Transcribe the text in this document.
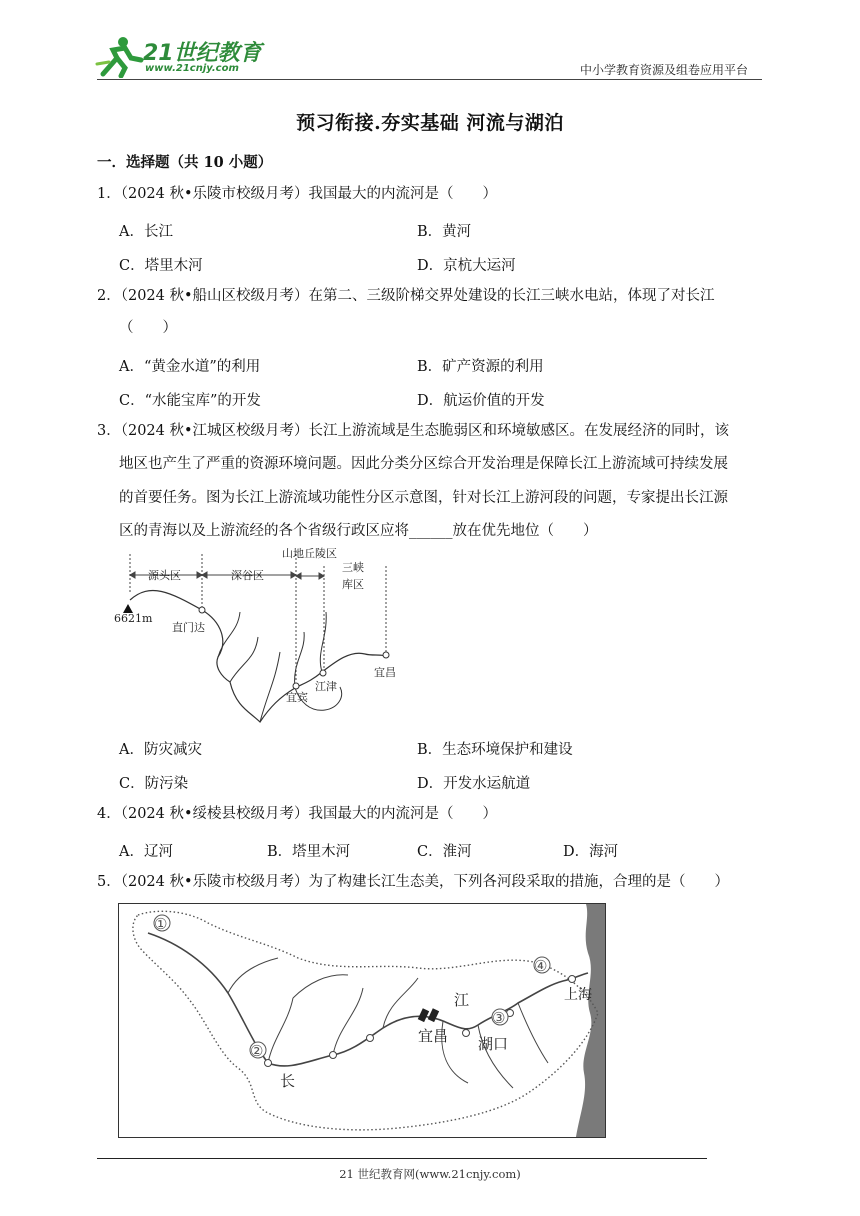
21世纪教育
www.21cnjy.com	中小学教育资源及组卷应用平台
预习衔接.夯实基础 河流与湖泊
一．选择题（共 10 小题）
1．（2024 秋•乐陵市校级月考）我国最大的内流河是（　　）
A．长江	B．黄河
C．塔里木河	D．京杭大运河
2．（2024 秋•船山区校级月考）在第二、三级阶梯交界处建设的长江三峡水电站，体现了对长江
（　　）
A．“黄金水道”的利用	B．矿产资源的利用
C．“水能宝库”的开发	D．航运价值的开发
3．（2024 秋•江城区校级月考）长江上游流域是生态脆弱区和环境敏感区。在发展经济的同时，该
地区也产生了严重的资源环境问题。因此分类分区综合开发治理是保障长江上游流域可持续发展
的首要任务。图为长江上游流域功能性分区示意图，针对长江上游河段的问题，专家提出长江源
区的青海以及上游流经的各个省级行政区应将______放在优先地位（　　）
源头区	深谷区
山地丘陵区
三峡
库区
6621m
直门达
宜宾
江津
宜昌
A．防灾减灾	B．生态环境保护和建设
C．防污染	D．开发水运航道
4．（2024 秋•绥棱县校级月考）我国最大的内流河是（　　）
A．辽河	B．塔里木河	C．淮河	D．海河
5．（2024 秋•乐陵市校级月考）为了构建长江生态美，下列各河段采取的措施，合理的是（　　）
①
②
③
④
宜昌 湖口
上海
江
长
21 世纪教育网(www.21cnjy.com)
